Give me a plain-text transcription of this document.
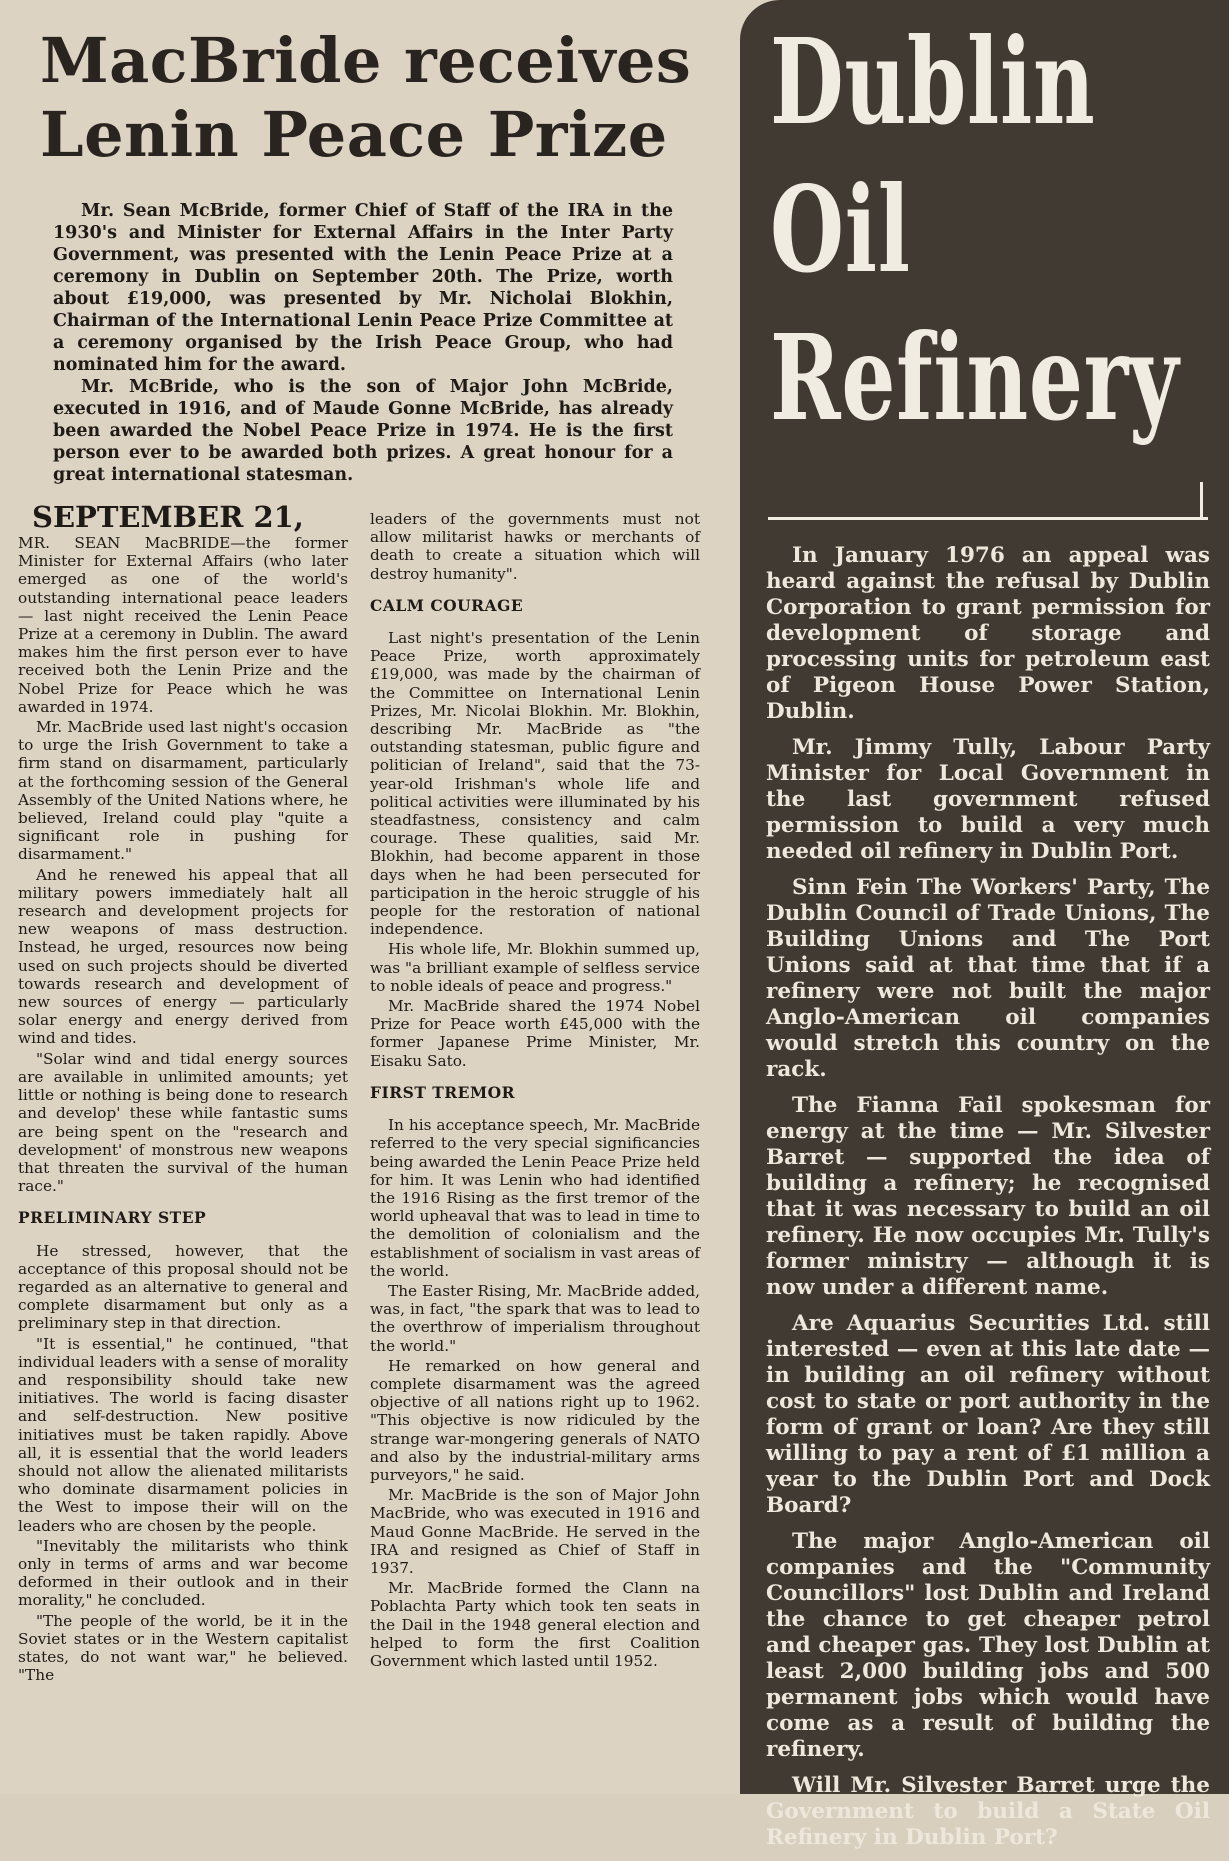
MacBride receives
Lenin Peace Prize

Mr. Sean McBride, former Chief of Staff of the IRA in the 1930's and Minister for External Affairs in the Inter Party Government, was presented with the Lenin Peace Prize at a ceremony in Dublin on September 20th. The Prize, worth about £19,000, was presented by Mr. Nicholai Blokhin, Chairman of the International Lenin Peace Prize Committee at a ceremony organised by the Irish Peace Group, who had nominated him for the award.

Mr. McBride, who is the son of Major John McBride, executed in 1916, and of Maude Gonne McBride, has already been awarded the Nobel Peace Prize in 1974. He is the first person ever to be awarded both prizes. A great honour for a great international statesman.

SEPTEMBER 21,

MR. SEAN MacBRIDE—the former Minister for External Affairs (who later emerged as one of the world's outstanding international peace leaders — last night received the Lenin Peace Prize at a ceremony in Dublin. The award makes him the first person ever to have received both the Lenin Prize and the Nobel Prize for Peace which he was awarded in 1974.

Mr. MacBride used last night's occasion to urge the Irish Government to take a firm stand on disarmament, particularly at the forthcoming session of the General Assembly of the United Nations where, he believed, Ireland could play "quite a significant role in pushing for disarmament."

And he renewed his appeal that all military powers immediately halt all research and development projects for new weapons of mass destruction. Instead, he urged, resources now being used on such projects should be diverted towards research and development of new sources of energy — particularly solar energy and energy derived from wind and tides.

"Solar wind and tidal energy sources are available in unlimited amounts; yet little or nothing is being done to research and develop' these while fantastic sums are being spent on the "research and development' of monstrous new weapons that threaten the survival of the human race."

PRELIMINARY STEP

He stressed, however, that the acceptance of this proposal should not be regarded as an alternative to general and complete disarmament but only as a preliminary step in that direction.

"It is essential," he continued, "that individual leaders with a sense of morality and responsibility should take new initiatives. The world is facing disaster and self-destruction. New positive initiatives must be taken rapidly. Above all, it is essential that the world leaders should not allow the alienated militarists who dominate disarmament policies in the West to impose their will on the leaders who are chosen by the people.

"Inevitably the militarists who think only in terms of arms and war become deformed in their outlook and in their morality," he concluded.

"The people of the world, be it in the Soviet states or in the Western capitalist states, do not want war," he believed. "The

leaders of the governments must not allow militarist hawks or merchants of death to create a situation which will destroy humanity".

CALM COURAGE

Last night's presentation of the Lenin Peace Prize, worth approximately £19,000, was made by the chairman of the Committee on International Lenin Prizes, Mr. Nicolai Blokhin. Mr. Blokhin, describing Mr. MacBride as "the outstanding statesman, public figure and politician of Ireland", said that the 73-year-old Irishman's whole life and political activities were illuminated by his steadfastness, consistency and calm courage. These qualities, said Mr. Blokhin, had become apparent in those days when he had been persecuted for participation in the heroic struggle of his people for the restoration of national independence.

His whole life, Mr. Blokhin summed up, was "a brilliant example of selfless service to noble ideals of peace and progress."

Mr. MacBride shared the 1974 Nobel Prize for Peace worth £45,000 with the former Japanese Prime Minister, Mr. Eisaku Sato.

FIRST TREMOR

In his acceptance speech, Mr. MacBride referred to the very special significancies being awarded the Lenin Peace Prize held for him. It was Lenin who had identified the 1916 Rising as the first tremor of the world upheaval that was to lead in time to the demolition of colonialism and the establishment of socialism in vast areas of the world.

The Easter Rising, Mr. MacBride added, was, in fact, "the spark that was to lead to the overthrow of imperialism throughout the world."

He remarked on how general and complete disarmament was the agreed objective of all nations right up to 1962. "This objective is now ridiculed by the strange war-mongering generals of NATO and also by the industrial-military arms purveyors," he said.

Mr. MacBride is the son of Major John MacBride, who was executed in 1916 and Maud Gonne MacBride. He served in the IRA and resigned as Chief of Staff in 1937.

Mr. MacBride formed the Clann na Poblachta Party which took ten seats in the Dail in the 1948 general election and helped to form the first Coalition Government which lasted until 1952.

Dublin
Oil
Refinery

In January 1976 an appeal was heard against the refusal by Dublin Corporation to grant permission for development of storage and processing units for petroleum east of Pigeon House Power Station, Dublin.

Mr. Jimmy Tully, Labour Party Minister for Local Government in the last government refused permission to build a very much needed oil refinery in Dublin Port.

Sinn Fein The Workers' Party, The Dublin Council of Trade Unions, The Building Unions and The Port Unions said at that time that if a refinery were not built the major Anglo-American oil companies would stretch this country on the rack.

The Fianna Fail spokesman for energy at the time — Mr. Silvester Barret — supported the idea of building a refinery; he recognised that it was necessary to build an oil refinery. He now occupies Mr. Tully's former ministry — although it is now under a different name.

Are Aquarius Securities Ltd. still interested — even at this late date — in building an oil refinery without cost to state or port authority in the form of grant or loan? Are they still willing to pay a rent of £1 million a year to the Dublin Port and Dock Board?

The major Anglo-American oil companies and the "Community Councillors" lost Dublin and Ireland the chance to get cheaper petrol and cheaper gas. They lost Dublin at least 2,000 building jobs and 500 permanent jobs which would have come as a result of building the refinery.

Will Mr. Silvester Barret urge the Government to build a State Oil Refinery in Dublin Port?
